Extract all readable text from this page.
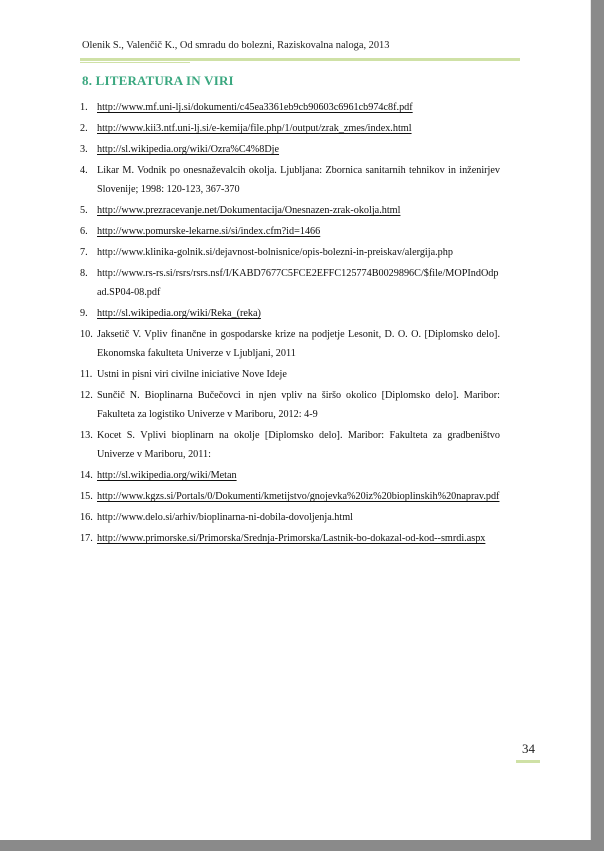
Olenik S., Valenčič K., Od smradu do bolezni, Raziskovalna naloga, 2013
8. LITERATURA IN VIRI
1. http://www.mf.uni-lj.si/dokumenti/c45ea3361eb9cb90603c6961cb974c8f.pdf
2. http://www.kii3.ntf.uni-lj.si/e-kemija/file.php/1/output/zrak_zmes/index.html
3. http://sl.wikipedia.org/wiki/Ozra%C4%8Dje
4. Likar M. Vodnik po onesnaževalcih okolja. Ljubljana: Zbornica sanitarnih tehnikov in inženirjev Slovenije; 1998: 120-123, 367-370
5. http://www.prezracevanje.net/Dokumentacija/Onesnazen-zrak-okolja.html
6. http://www.pomurske-lekarne.si/si/index.cfm?id=1466
7. http://www.klinika-golnik.si/dejavnost-bolnisnice/opis-bolezni-in-preiskav/alergija.php
8. http://www.rs-rs.si/rsrs/rsrs.nsf/I/KABD7677C5FCE2EFFC125774B0029896C/$file/MOPIndOdpad.SP04-08.pdf
9. http://sl.wikipedia.org/wiki/Reka_(reka)
10. Jaksetič V. Vpliv finančne in gospodarske krize na podjetje Lesonit, D. O. O. [Diplomsko delo]. Ekonomska fakulteta Univerze v Ljubljani, 2011
11. Ustni in pisni viri civilne iniciative Nove Ideje
12. Sunčič N. Bioplinarna Bučečovci in njen vpliv na širšo okolico [Diplomsko delo]. Maribor: Fakulteta za logistiko Univerze v Mariboru, 2012: 4-9
13. Kocet S. Vplivi bioplinarn na okolje [Diplomsko delo]. Maribor: Fakulteta za gradbeništvo Univerze v Mariboru, 2011:
14. http://sl.wikipedia.org/wiki/Metan
15. http://www.kgzs.si/Portals/0/Dokumenti/kmetijstvo/gnojevka%20iz%20bioplinskih%20naprav.pdf
16. http://www.delo.si/arhiv/bioplinarna-ni-dobila-dovoljenja.html
17. http://www.primorske.si/Primorska/Srednja-Primorska/Lastnik-bo-dokazal-od-kod--smrdi.aspx
34
